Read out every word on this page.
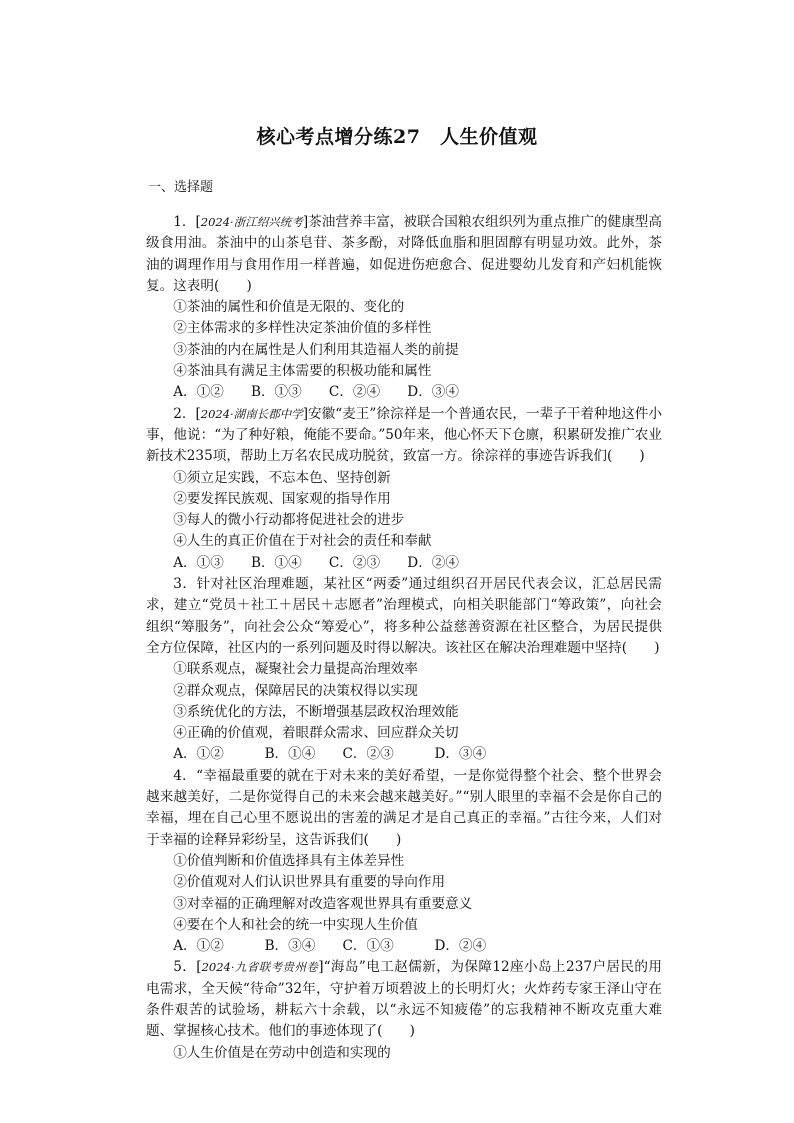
核心考点增分练27　人生价值观
一、选择题

1．[2024·浙江绍兴统考]茶油营养丰富，被联合国粮农组织列为重点推广的健康型高级食用油。茶油中的山茶皂苷、茶多酚，对降低血脂和胆固醇有明显功效。此外，茶油的调理作用与食用作用一样普遍，如促进伤疤愈合、促进婴幼儿发育和产妇机能恢复。这表明(　　)

①茶油的属性和价值是无限的、变化的

②主体需求的多样性决定茶油价值的多样性

③茶油的内在属性是人们利用其造福人类的前提

④茶油具有满足主体需要的积极功能和属性

A．①②　　B．①③　　C．②④　　D．③④

2．[2024·湖南长郡中学]安徽“麦王”徐淙祥是一个普通农民，一辈子干着种地这件小事，他说：“为了种好粮，俺能不要命。”50年来，他心怀天下仓廪，积累研发推广农业新技术235项，帮助上万名农民成功脱贫，致富一方。徐淙祥的事迹告诉我们(　　)

①须立足实践，不忘本色、坚持创新

②要发挥民族观、国家观的指导作用

③每人的微小行动都将促进社会的进步

④人生的真正价值在于对社会的责任和奉献

A．①③　　B．①④　　C．②③　　D．②④

3．针对社区治理难题，某社区“两委”通过组织召开居民代表会议，汇总居民需求，建立“党员＋社工＋居民＋志愿者”治理模式，向相关职能部门“筹政策”，向社会组织“筹服务”，向社会公众“筹爱心”，将多种公益慈善资源在社区整合，为居民提供全方位保障，社区内的一系列问题及时得以解决。该社区在解决治理难题中坚持(　　)

①联系观点，凝聚社会力量提高治理效率

②群众观点，保障居民的决策权得以实现

③系统优化的方法，不断增强基层政权治理效能

④正确的价值观，着眼群众需求、回应群众关切

A．①②　　　B．①④　　C．②③　　　D．③④

4．“幸福最重要的就在于对未来的美好希望，一是你觉得整个社会、整个世界会越来越美好，二是你觉得自己的未来会越来越美好。”“别人眼里的幸福不会是你自己的幸福，埋在自己心里不愿说出的害羞的满足才是自己真正的幸福。”古往今来，人们对于幸福的诠释异彩纷呈，这告诉我们(　　)

①价值判断和价值选择具有主体差异性

②价值观对人们认识世界具有重要的导向作用

③对幸福的正确理解对改造客观世界具有重要意义

④要在个人和社会的统一中实现人生价值

A．①②　　　B．③④　　C．①③　　　D．②④

5．[2024·九省联考贵州卷]“海岛”电工赵儒新，为保障12座小岛上237户居民的用电需求，全天候“待命”32年，守护着万顷碧波上的长明灯火；火炸药专家王泽山守在条件艰苦的试验场，耕耘六十余载，以“永远不知疲倦”的忘我精神不断攻克重大难题、掌握核心技术。他们的事迹体现了(　　)

①人生价值是在劳动中创造和实现的
